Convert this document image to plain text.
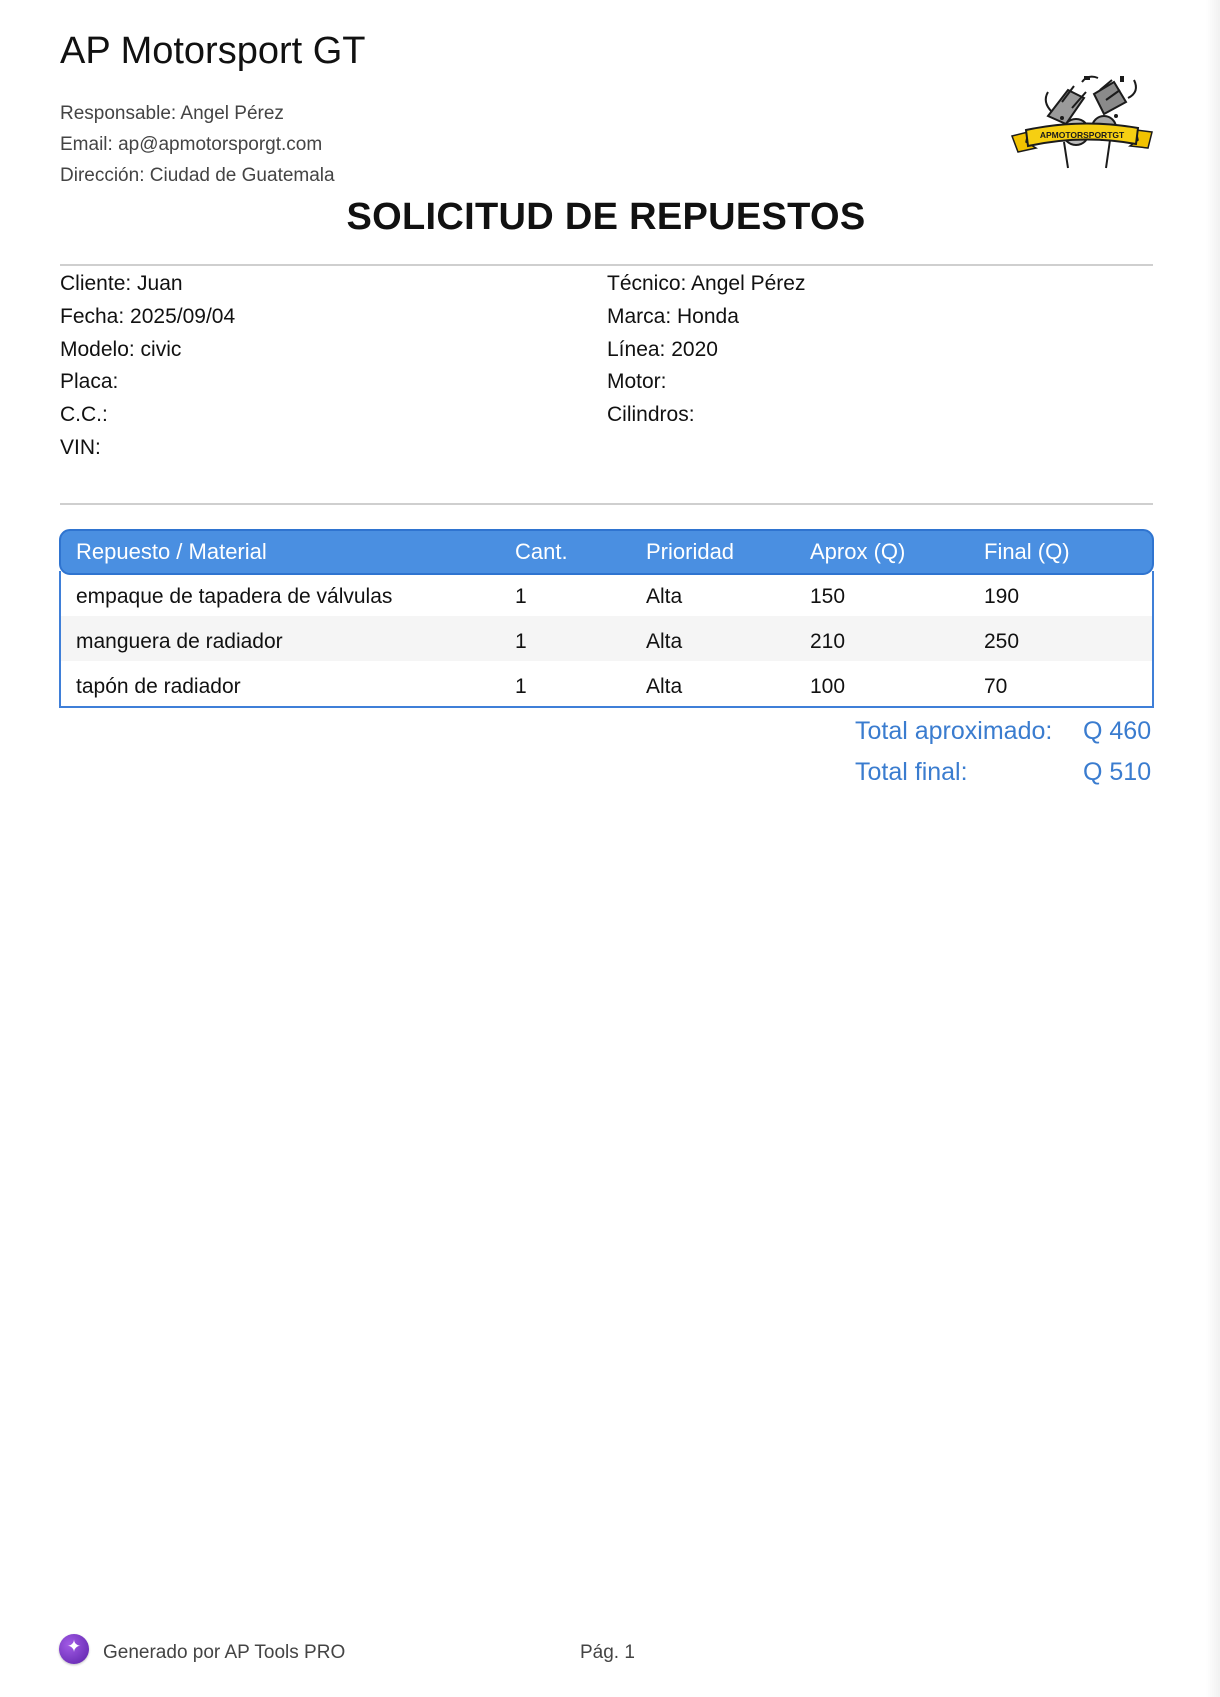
AP Motorsport GT
Responsable: Angel Pérez
Email: ap@apmotorsporgt.com
Dirección: Ciudad de Guatemala
APMOTORSPORTGT
SOLICITUD DE REPUESTOS
Cliente: Juan
Fecha: 2025/09/04
Modelo: civic
Placa:
C.C.:
VIN:
Técnico: Angel Pérez
Marca: Honda
Línea: 2020
Motor:
Cilindros:
Repuesto / Material	Cant.	Prioridad	Aprox (Q)	Final (Q)
empaque de tapadera de válvulas	1	Alta	150	190
manguera de radiador	1	Alta	210	250
tapón de radiador	1	Alta	100	70
Total aproximado: Q 460
Total final:	Q 510
✦	Generado por AP Tools PRO	Pág. 1
